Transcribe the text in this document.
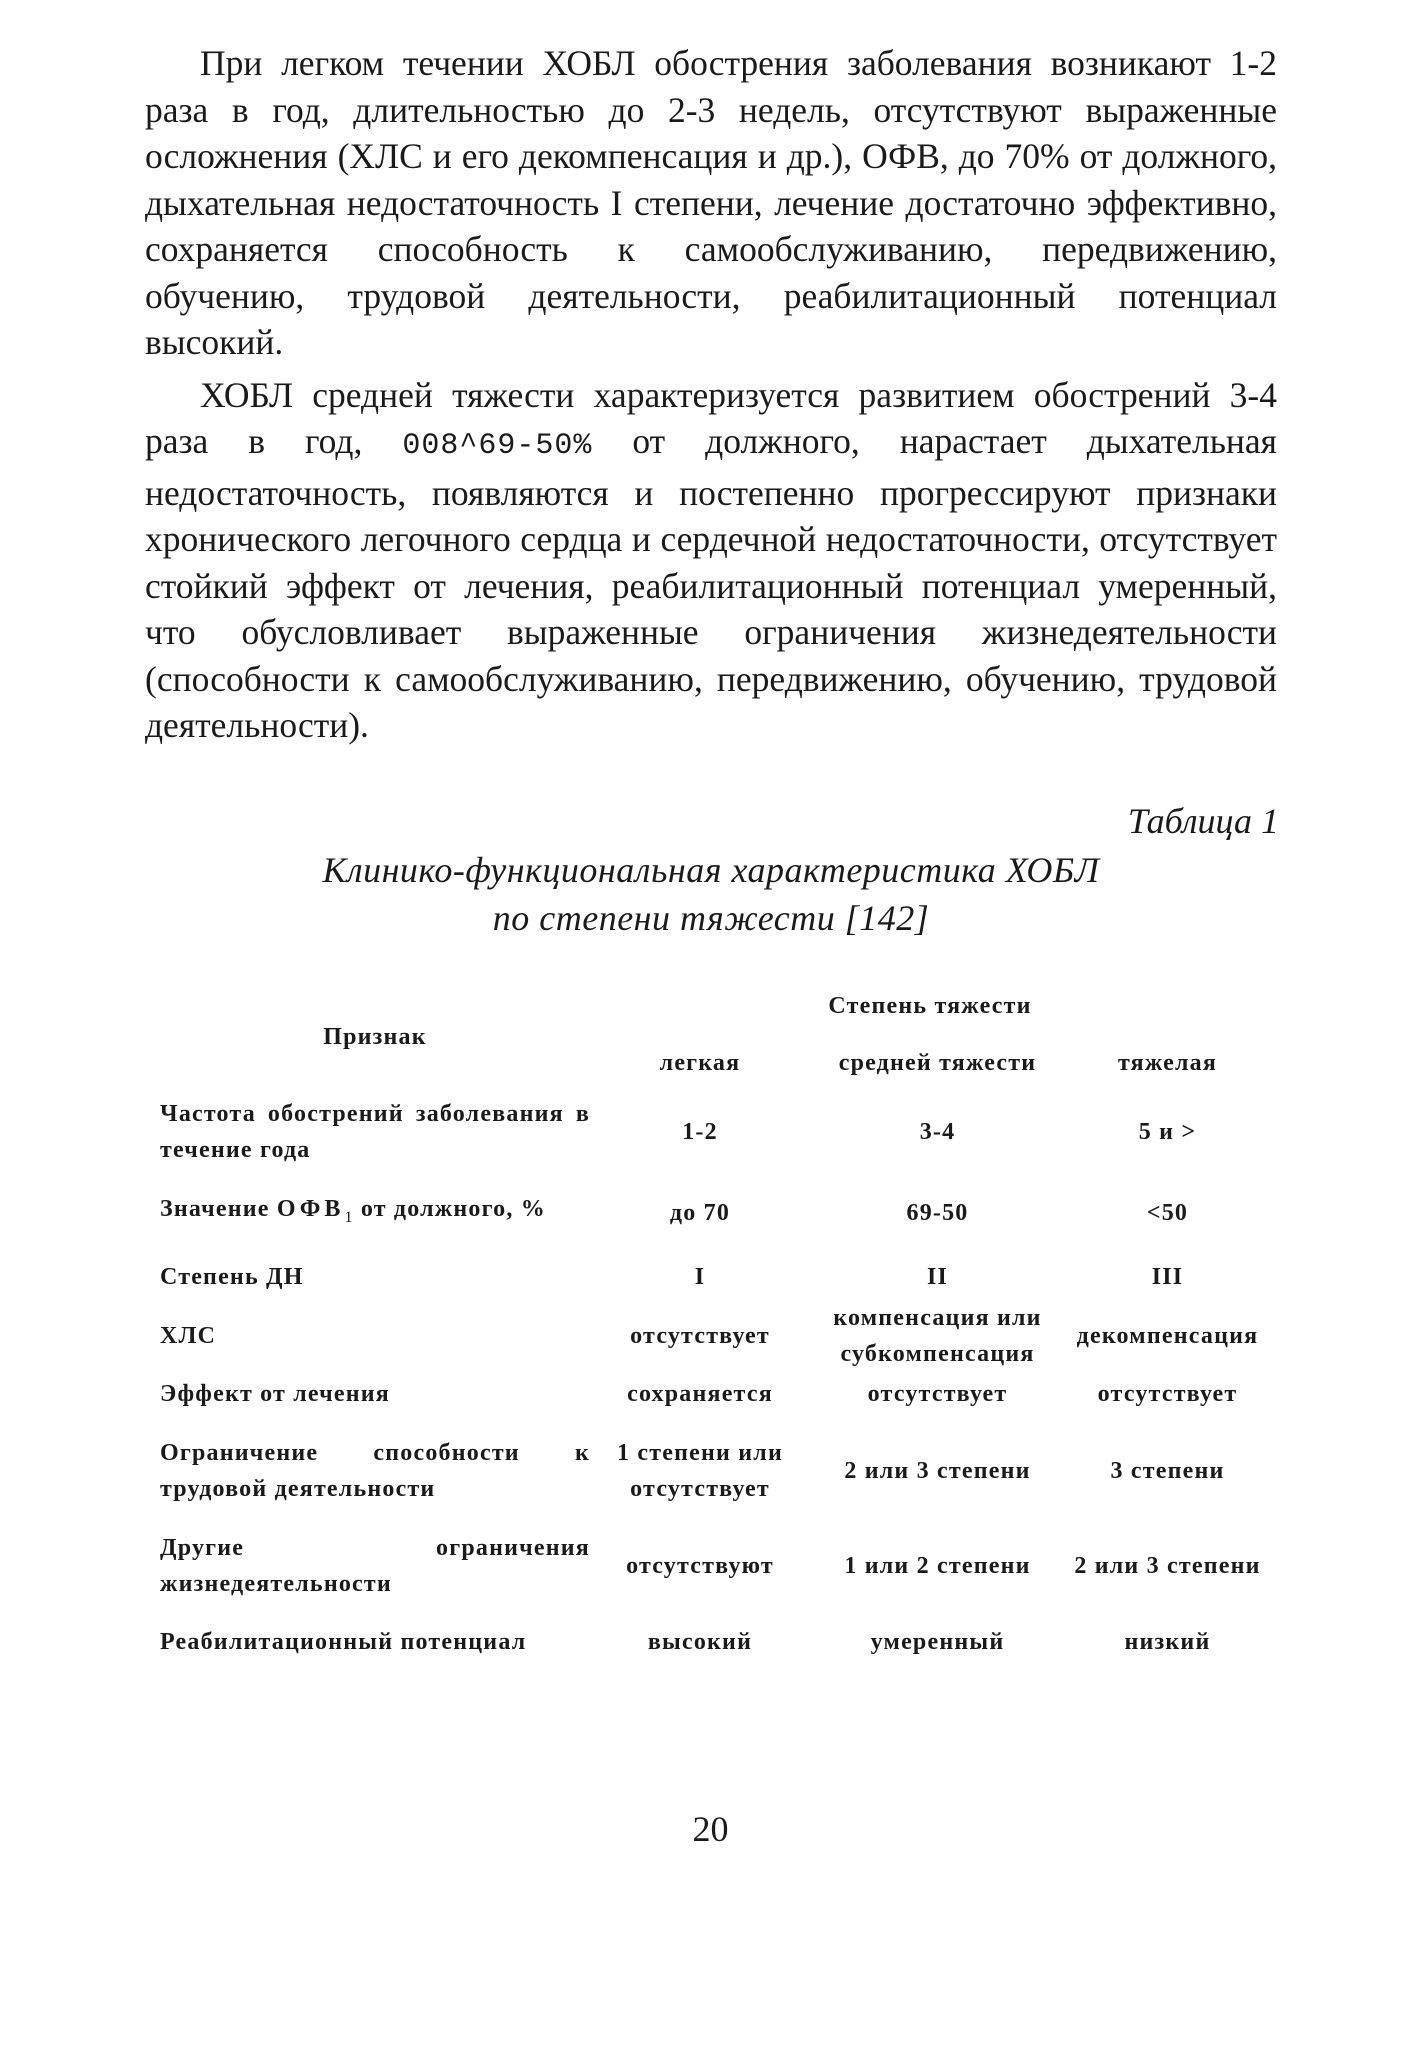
При легком течении ХОБЛ обострения заболевания возникают 1-2 раза в год, длительностью до 2-3 недель, отсутствуют выраженные осложнения (ХЛС и его декомпенсация и др.), ОФВ, до 70% от должного, дыхательная недостаточность I степени, лечение достаточно эффективно, сохраняется способность к самообслуживанию, передвижению, обучению, трудовой деятельности, реабилитационный потенциал высокий.

ХОБЛ средней тяжести характеризуется развитием обострений 3-4 раза в год, 008^69-50% от должного, нарастает дыхательная недостаточность, появляются и постепенно прогрессируют признаки хронического легочного сердца и сердечной недостаточности, отсутствует стойкий эффект от лечения, реабилитационный потенциал умеренный, что обусловливает выраженные ограничения жизнедеятельности (способности к самообслуживанию, передвижению, обучению, трудовой деятельности).

Таблица 1
Клинико-функциональная характеристика ХОБЛ
по степени тяжести [142]
Признак	Степень тяжести		
	легкая	средней тяжести	тяжелая
Частота обострений заболевания в течение года	1-2	3-4	5 и >
Значение $ОФВ_1$ от должного, %	до 70	69-50	<50
Степень ДН	I	II	III
ХЛС	отсутствует	компенсация или субкомпенсация	декомпенсация
Эффект от лечения	сохраняется	отсутствует	отсутствует
Ограничение способности к трудовой деятельности	1 степени или отсутствует	2 или 3 степени	3 степени
Другие ограничения жизнедеятельности	отсутствуют	1 или 2 степени	2 или 3 степени
Реабилитационный потенциал	высокий	умеренный	низкий
20
